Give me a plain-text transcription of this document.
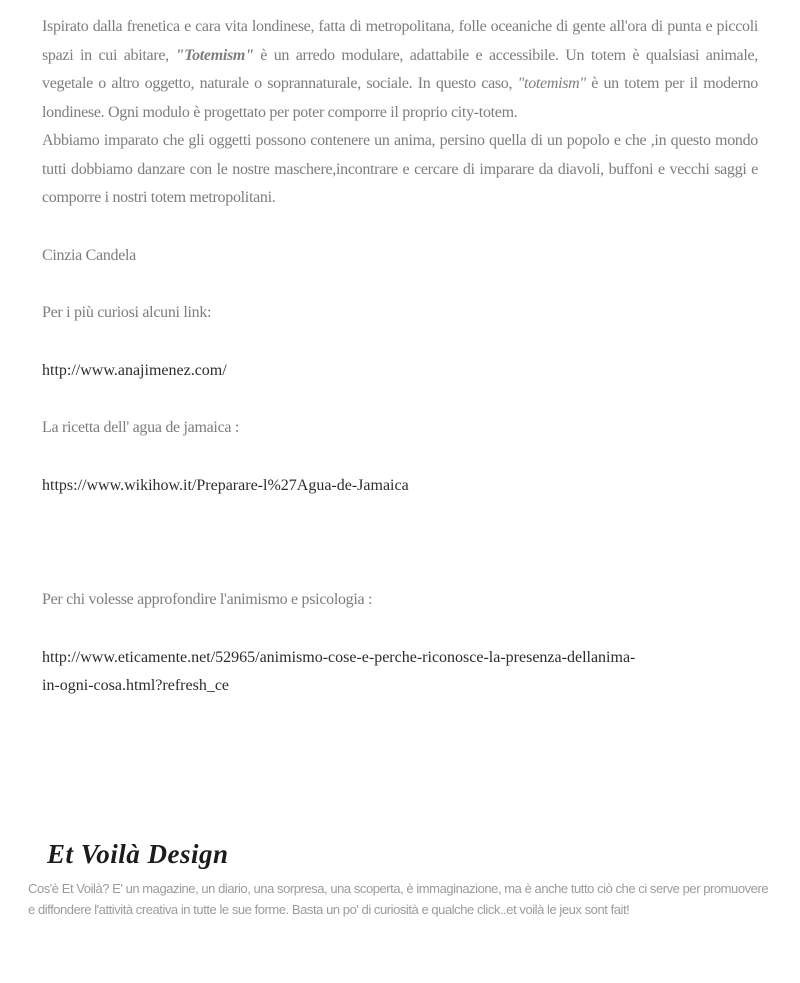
Ispirato dalla frenetica e cara vita londinese, fatta di metropolitana, folle oceaniche di gente all'ora di punta e piccoli spazi in cui abitare, "Totemism" è un arredo modulare, adattabile e accessibile. Un totem è qualsiasi animale, vegetale o altro oggetto, naturale o soprannaturale, sociale. In questo caso, "totemism" è un totem per il moderno londinese. Ogni modulo è progettato per poter comporre il proprio city-totem.
Abbiamo imparato che gli oggetti possono contenere un anima, persino quella di un popolo e che ,in questo mondo tutti dobbiamo danzare con le nostre maschere,incontrare e cercare di imparare da diavoli, buffoni e vecchi saggi e comporre i nostri totem metropolitani.

Cinzia Candela

Per i più curiosi alcuni link:

http://www.anajimenez.com/

La ricetta dell' agua de jamaica :

https://www.wikihow.it/Preparare-l%27Agua-de-Jamaica

Per chi volesse approfondire l'animismo e psicologia :

http://www.eticamente.net/52965/animismo-cose-e-perche-riconosce-la-presenza-dellanima-
in-ogni-cosa.html?refresh_ce

Et Voilà Design

Cos'è Et Voilà? E' un magazine, un diario, una sorpresa, una scoperta, è immaginazione, ma è anche tutto ciò che ci serve per promuovere e diffondere l'attività creativa in tutte le sue forme. Basta un po' di curiosità e qualche click..et voilà le jeux sont fait!
